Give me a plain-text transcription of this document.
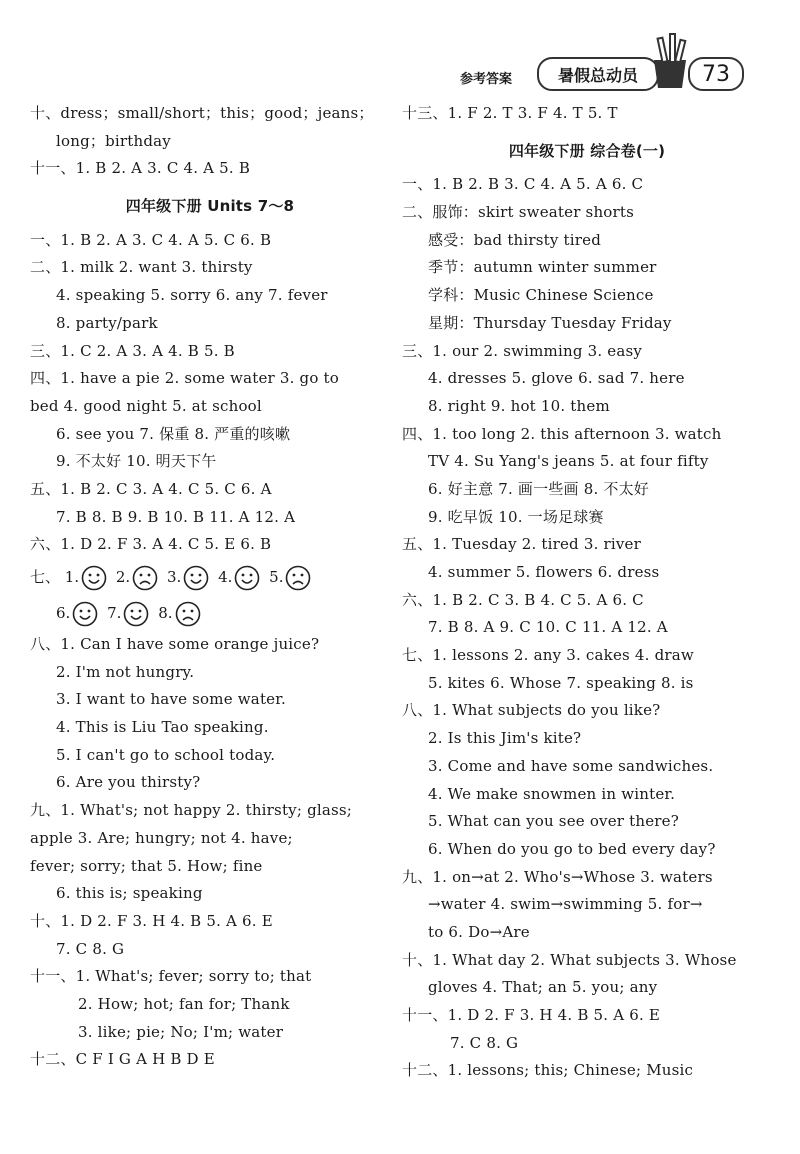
参考答案	暑假总动员	73
十、dress；small/short；this；good；jeans；
long；birthday
十一、1. B 2. A 3. C 4. A 5. B
四年级下册 Units 7～8
一、1. B 2. A 3. C 4. A 5. C 6. B
二、1. milk 2. want 3. thirsty
4. speaking 5. sorry 6. any 7. fever
8. party/park
三、1. C 2. A 3. A 4. B 5. B
四、1. have a pie 2. some water 3. go to
bed 4. good night 5. at school
6. see you 7. 保重 8. 严重的咳嗽
9. 不太好 10. 明天下午
五、1. B 2. C 3. A 4. C 5. C 6. A
7. B 8. B 9. B 10. B 11. A 12. A
六、1. D 2. F 3. A 4. C 5. E 6. B
七、 1. 2. 3. 4. 5.
6. 7. 8.
八、1. Can I have some orange juice?
2. I'm not hungry.
3. I want to have some water.
4. This is Liu Tao speaking.
5. I can't go to school today.
6. Are you thirsty?
九、1. What's; not happy 2. thirsty; glass;
apple 3. Are; hungry; not 4. have;
fever; sorry; that 5. How; fine
6. this is; speaking
十、1. D 2. F 3. H 4. B 5. A 6. E
7. C 8. G
十一、1. What's; fever; sorry to; that
2. How; hot; fan for; Thank
3. like; pie; No; I'm; water
十二、C F I G A H B D E
十三、1. F 2. T 3. F 4. T 5. T
四年级下册 综合卷(一)
一、1. B 2. B 3. C 4. A 5. A 6. C
二、服饰：skirt sweater shorts
感受：bad thirsty tired
季节：autumn winter summer
学科：Music Chinese Science
星期：Thursday Tuesday Friday
三、1. our 2. swimming 3. easy
4. dresses 5. glove 6. sad 7. here
8. right 9. hot 10. them
四、1. too long 2. this afternoon 3. watch
TV 4. Su Yang's jeans 5. at four fifty
6. 好主意 7. 画一些画 8. 不太好
9. 吃早饭 10. 一场足球赛
五、1. Tuesday 2. tired 3. river
4. summer 5. flowers 6. dress
六、1. B 2. C 3. B 4. C 5. A 6. C
7. B 8. A 9. C 10. C 11. A 12. A
七、1. lessons 2. any 3. cakes 4. draw
5. kites 6. Whose 7. speaking 8. is
八、1. What subjects do you like?
2. Is this Jim's kite?
3. Come and have some sandwiches.
4. We make snowmen in winter.
5. What can you see over there?
6. When do you go to bed every day?
九、1. on→at 2. Who's→Whose 3. waters
→water 4. swim→swimming 5. for→
to 6. Do→Are
十、1. What day 2. What subjects 3. Whose
gloves 4. That; an 5. you; any
十一、1. D 2. F 3. H 4. B 5. A 6. E
7. C 8. G
十二、1. lessons; this; Chinese; Music
